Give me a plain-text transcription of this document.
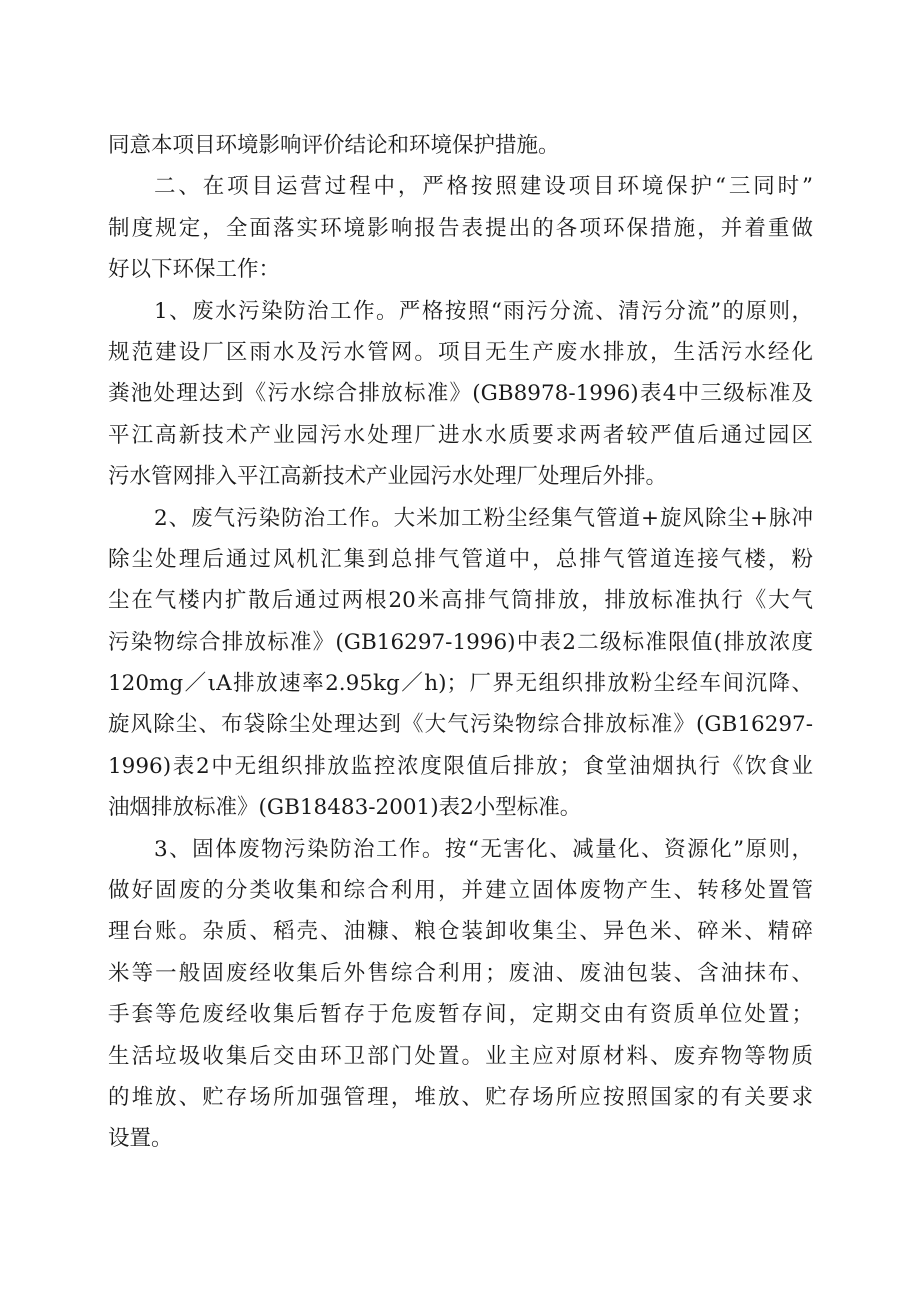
同意本项目环境影响评价结论和环境保护措施。
二、在项目运营过程中，严格按照建设项目环境保护“三同时”
制度规定，全面落实环境影响报告表提出的各项环保措施，并着重做
好以下环保工作：
1、废水污染防治工作。严格按照“雨污分流、清污分流”的原则，
规范建设厂区雨水及污水管网。项目无生产废水排放，生活污水经化
粪池处理达到《污水综合排放标准》(GB8978-1996)表4中三级标准及
平江高新技术产业园污水处理厂进水水质要求两者较严值后通过园区
污水管网排入平江高新技术产业园污水处理厂处理后外排。
2、废气污染防治工作。大米加工粉尘经集气管道+旋风除尘+脉冲
除尘处理后通过风机汇集到总排气管道中，总排气管道连接气楼，粉
尘在气楼内扩散后通过两根20米高排气筒排放，排放标准执行《大气
污染物综合排放标准》(GB16297-1996)中表2二级标准限值(排放浓度
120mg／ιA排放速率2.95kg／h)；厂界无组织排放粉尘经车间沉降、
旋风除尘、布袋除尘处理达到《大气污染物综合排放标准》(GB16297-
1996)表2中无组织排放监控浓度限值后排放；食堂油烟执行《饮食业
油烟排放标准》(GB18483-2001)表2小型标准。
3、固体废物污染防治工作。按“无害化、减量化、资源化”原则，
做好固废的分类收集和综合利用，并建立固体废物产生、转移处置管
理台账。杂质、稻壳、油糠、粮仓装卸收集尘、异色米、碎米、精碎
米等一般固废经收集后外售综合利用；废油、废油包装、含油抹布、
手套等危废经收集后暂存于危废暂存间，定期交由有资质单位处置；
生活垃圾收集后交由环卫部门处置。业主应对原材料、废弃物等物质
的堆放、贮存场所加强管理，堆放、贮存场所应按照国家的有关要求
设置。
